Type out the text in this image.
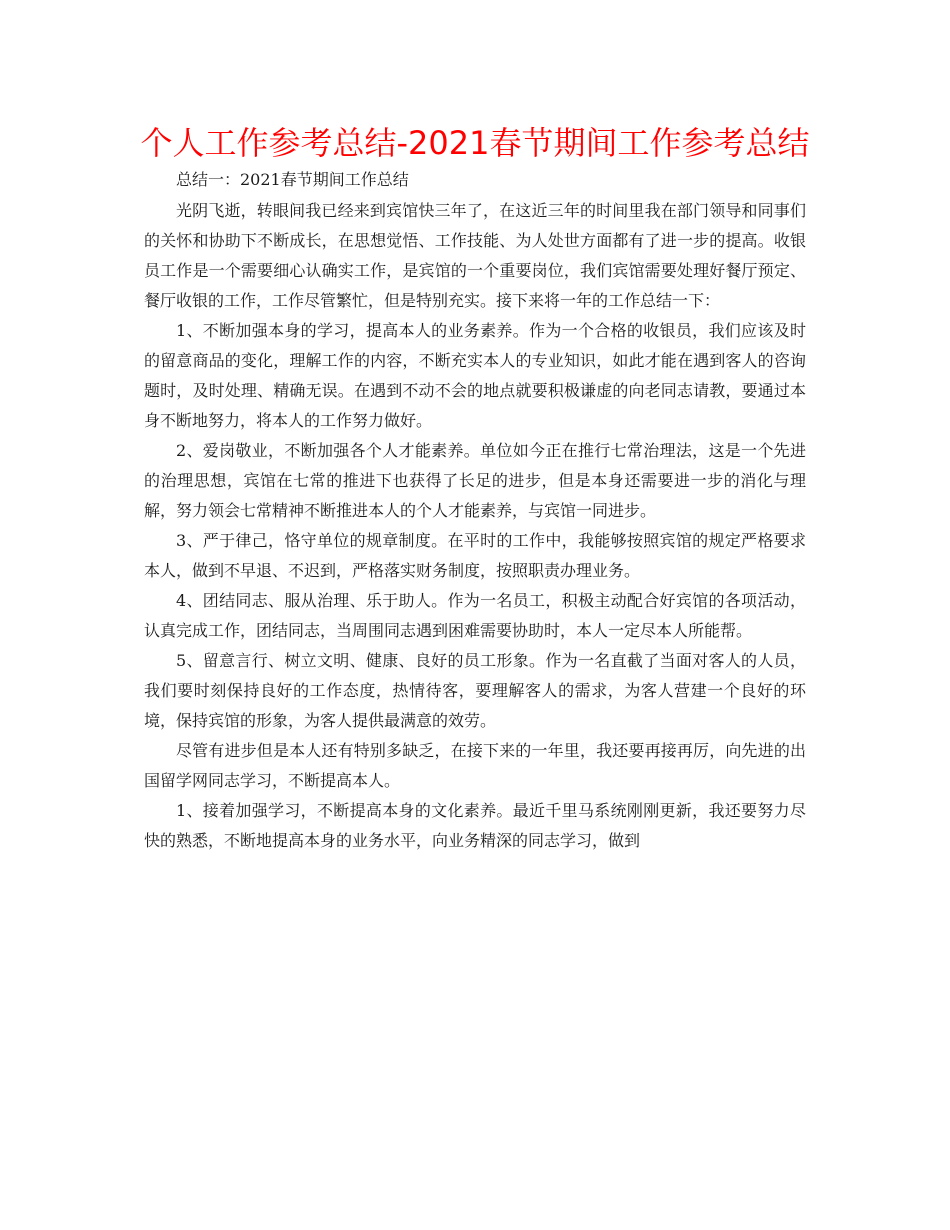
个人工作参考总结-2021春节期间工作参考总结

总结一：2021春节期间工作总结

光阴飞逝，转眼间我已经来到宾馆快三年了，在这近三年的时间里我在部门领导和同事们的关怀和协助下不断成长，在思想觉悟、工作技能、为人处世方面都有了进一步的提高。收银员工作是一个需要细心认确实工作，是宾馆的一个重要岗位，我们宾馆需要处理好餐厅预定、餐厅收银的工作，工作尽管繁忙，但是特别充实。接下来将一年的工作总结一下：

1、不断加强本身的学习，提高本人的业务素养。作为一个合格的收银员，我们应该及时的留意商品的变化，理解工作的内容，不断充实本人的专业知识，如此才能在遇到客人的咨询题时，及时处理、精确无误。在遇到不动不会的地点就要积极谦虚的向老同志请教，要通过本身不断地努力，将本人的工作努力做好。

2、爱岗敬业，不断加强各个人才能素养。单位如今正在推行七常治理法，这是一个先进的治理思想，宾馆在七常的推进下也获得了长足的进步，但是本身还需要进一步的消化与理解，努力领会七常精神不断推进本人的个人才能素养，与宾馆一同进步。

3、严于律己，恪守单位的规章制度。在平时的工作中，我能够按照宾馆的规定严格要求本人，做到不早退、不迟到，严格落实财务制度，按照职责办理业务。

4、团结同志、服从治理、乐于助人。作为一名员工，积极主动配合好宾馆的各项活动，认真完成工作，团结同志，当周围同志遇到困难需要协助时，本人一定尽本人所能帮。

5、留意言行、树立文明、健康、良好的员工形象。作为一名直截了当面对客人的人员，我们要时刻保持良好的工作态度，热情待客，要理解客人的需求，为客人营建一个良好的环境，保持宾馆的形象，为客人提供最满意的效劳。

尽管有进步但是本人还有特别多缺乏，在接下来的一年里，我还要再接再厉，向先进的出国留学网同志学习，不断提高本人。

1、接着加强学习，不断提高本身的文化素养。最近千里马系统刚刚更新，我还要努力尽快的熟悉，不断地提高本身的业务水平，向业务精深的同志学习，做到
